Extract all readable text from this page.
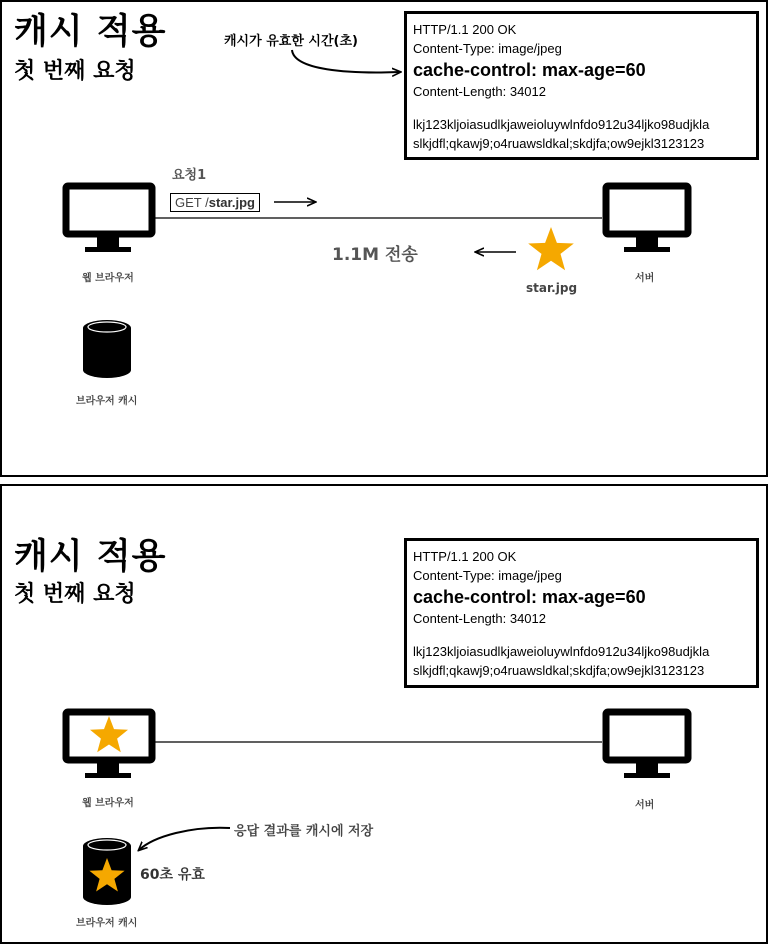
캐시 적용
첫 번째 요청
캐시가 유효한 시간(초)
HTTP/1.1 200 OK
Content-Type: image/jpeg
cache-control: max-age=60
Content-Length: 34012
lkj123kljoiasudlkjaweioluywlnfdo912u34ljko98udjkla
slkjdfl;qkawj9;o4ruawsldkal;skdjfa;ow9ejkl3123123
요청1
GET /star.jpg
1.1M 전송
star.jpg
웹 브라우저	서버
브라우저 캐시
캐시 적용
첫 번째 요청
HTTP/1.1 200 OK
Content-Type: image/jpeg
cache-control: max-age=60
Content-Length: 34012
lkj123kljoiasudlkjaweioluywlnfdo912u34ljko98udjkla
slkjdfl;qkawj9;o4ruawsldkal;skdjfa;ow9ejkl3123123
웹 브라우저	서버
응답 결과를 캐시에 저장
60초 유효
브라우저 캐시
